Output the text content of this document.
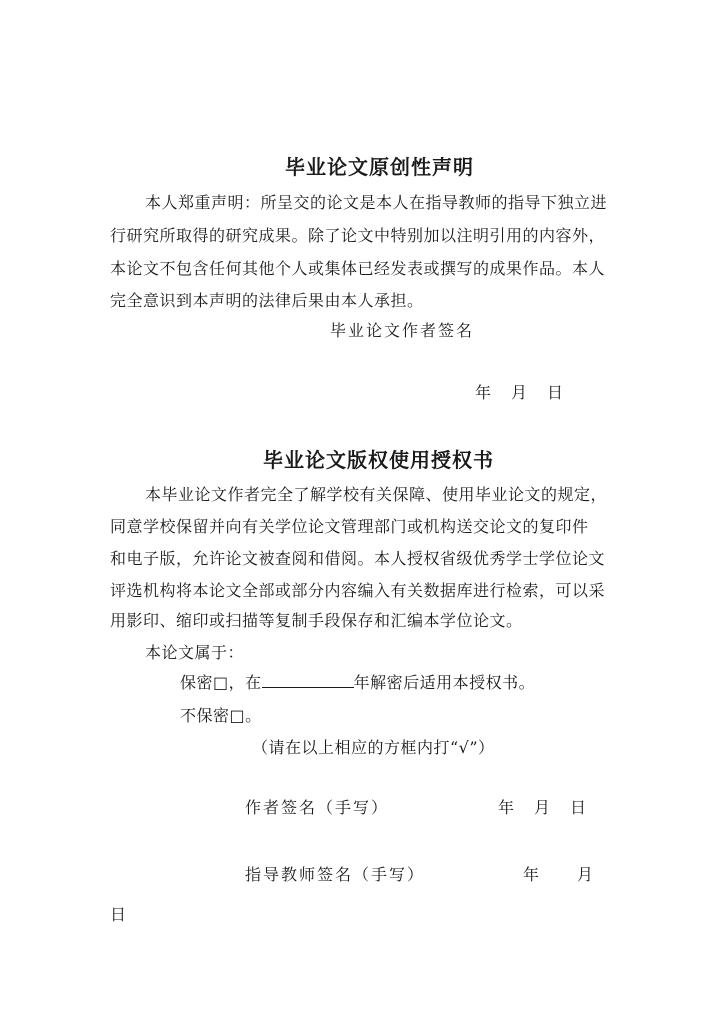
毕业论文原创性声明
本人郑重声明：所呈交的论文是本人在指导教师的指导下独立进
行研究所取得的研究成果。除了论文中特别加以注明引用的内容外，
本论文不包含任何其他个人或集体已经发表或撰写的成果作品。本人
完全意识到本声明的法律后果由本人承担。
毕业论文作者签名
年　月　日
毕业论文版权使用授权书
本毕业论文作者完全了解学校有关保障、使用毕业论文的规定，
同意学校保留并向有关学位论文管理部门或机构送交论文的复印件
和电子版，允许论文被查阅和借阅。本人授权省级优秀学士学位论文
评选机构将本论文全部或部分内容编入有关数据库进行检索，可以采
用影印、缩印或扫描等复制手段保存和汇编本学位论文。
本论文属于：
保密□，在	年解密后适用本授权书。
不保密□。
（请在以上相应的方框内打“√”）
作者签名（手写）	年　月　日
指导教师签名（手写）	年　　月
日
